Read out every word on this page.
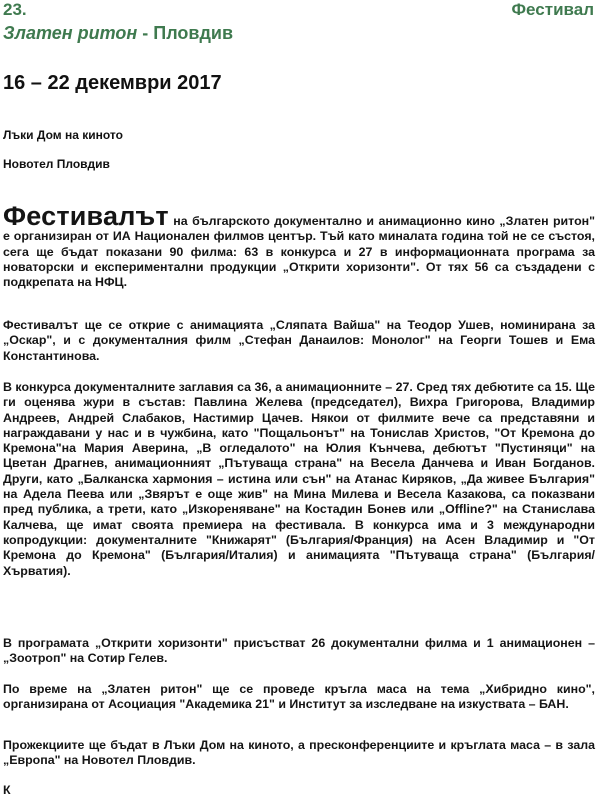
23.	Фестивал
Златен ритон - Пловдив
16 – 22 декември 2017
Лъки Дом на киното
Новотел Пловдив

Фестивалът на българското документално и анимационно кино „Златен ритон" е организиран от ИА Национален филмов център. Тъй като миналата година той не се състоя, сега ще бъдат показани 90 филма: 63 в конкурса и 27 в информационната програма за новаторски и експериментални продукции „Открити хоризонти". От тях 56 са създадени с подкрепата на НФЦ.

Фестивалът ще се открие с анимацията „Сляпата Вайша" на Теодор Ушев, номинирана за „Оскар", и с документалния филм „Стефан Данаилов: Монолог" на Георги Тошев и Ема Константинова.

В конкурса документалните заглавия са 36, а анимационните – 27. Сред тях дебютите са 15. Ще ги оценява жури в състав: Павлина Желева (председател), Вихра Григорова, Владимир Андреев, Андрей Слабаков, Настимир Цачев. Някои от филмите вече са представяни и награждавани у нас и в чужбина, като "Пощальонът" на Тонислав Христов, "От Кремона до Кремона"на Мария Аверина, „В огледалото" на Юлия Кънчева, дебютът "Пустиняци" на Цветан Драгнев, анимационният „Пътуваща страна" на Весела Данчева и Иван Богданов. Други, като „Балканска хармония – истина или сън" на Атанас Киряков, „Да живее България" на Адела Пеева или „Звярът е още жив" на Мина Милева и Весела Казакова, са показвани пред публика, а трети, като „Изкореняване" на Костадин Бонев или „Offline?" на Станислава Калчева, ще имат своята премиера на фестивала. В конкурса има и 3 международни копродукции: документалните "Книжарят" (България/Франция) на Асен Владимир и "От Кремона до Кремона" (България/Италия) и анимацията "Пътуваща страна" (България/Хърватия).

В програмата „Открити хоризонти" присъстват 26 документални филма и 1 анимационен – „Зоотроп" на Сотир Гелев.

По време на „Златен ритон" ще се проведе кръгла маса на тема „Хибридно кино", организирана от Асоциация "Академика 21" и Институт за изследване на изкуствата – БАН.

Прожекциите ще бъдат в Лъки Дом на киното, а пресконференциите и кръглата маса – в зала „Европа" на Новотел Пловдив.

К
